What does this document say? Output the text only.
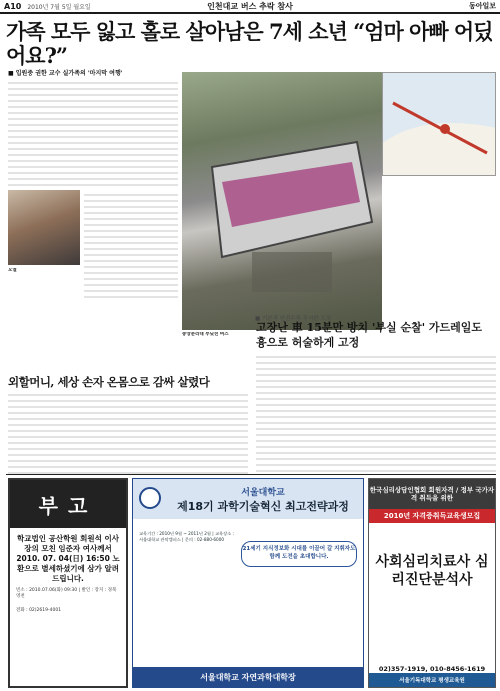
A10 2010년 7월 5일 월요일	인천대교 버스 추락 참사	동아일보
가족 모두 잃고 홀로 살아남은 7세 소년 “엄마 아빠 어딨어요?”
■ 입원중 권한 교수 실가족의 '마지막 여행'
오열
중앙분리대 부딪친 버스
■ 기본적 안전수칙 무시한 人災
고장난 車 15분만 방치 '부실 순찰' 가드레일도 흉으로 허술하게 고정
외할머니, 세상 손자 온몸으로 감싸 살렸다
부고
학교법인 공산학원 회원석 이사장의 모친 임준자 여사께서 2010. 07. 04(日) 16:50 노환으로 별세하셨기에 삼가 알려드립니다.
빈소 : 2010.07.06(화) 09:30 | 발인 : 장지 : 경북 영천
전화 : 02)2619-4001
서울대학교
제18기 과학기술혁신 최고전략과정
교육기간 : 2010년 9월 ~ 2011년 2월 | 교육장소 : 서울대학교 관악캠퍼스 | 문의 : 02-880-6000
21세기 지식정보화 시대를 이끌어 갈 지휘자도 함께 도전을 초대합니다.
서울대학교 자연과학대학장
한국심리상담인협회 회원자격 / 정부 국가자격 취득을 위한
2010년 자격증취득교육생모집
사회심리치료사 심리진단분석사
02)357-1919, 010-8456-1619
서울기독대학교 평생교육원
